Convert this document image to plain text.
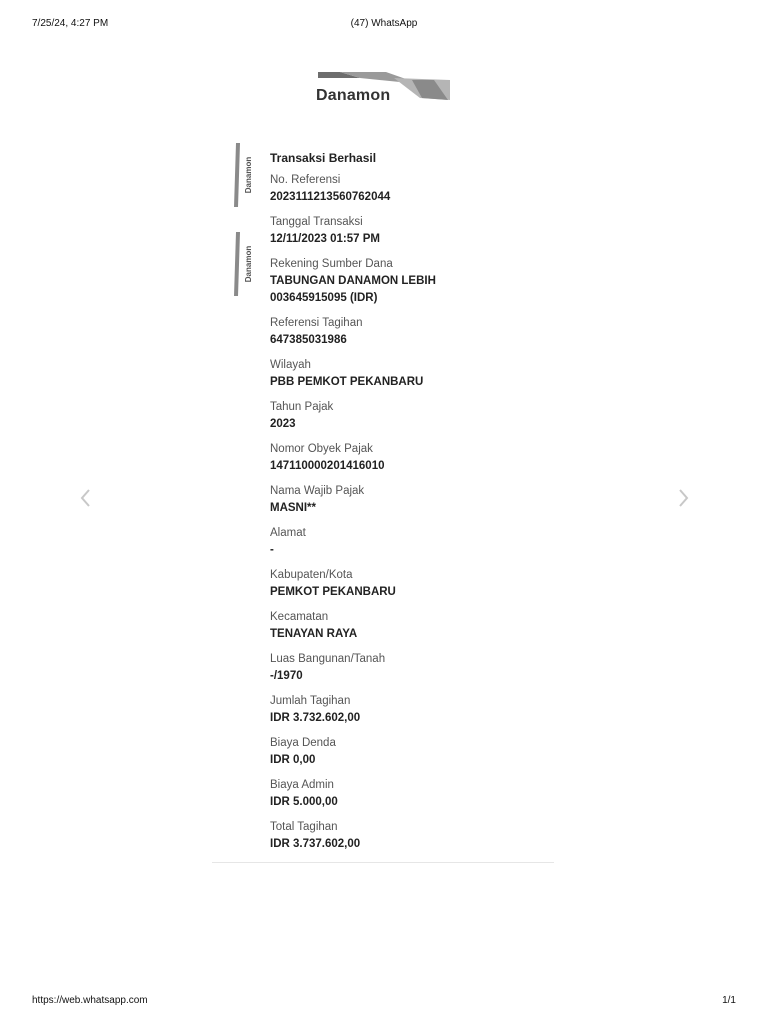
7/25/24, 4:27 PM	(47) WhatsApp
Danamon
Danamon
Danamon
Transaksi Berhasil
No. Referensi
2023111213560762044
Tanggal Transaksi
12/11/2023 01:57 PM
Rekening Sumber Dana
TABUNGAN DANAMON LEBIH
003645915095 (IDR)
Referensi Tagihan
647385031986
Wilayah
PBB PEMKOT PEKANBARU
Tahun Pajak
2023
Nomor Obyek Pajak
147110000201416010
Nama Wajib Pajak
MASNI**
Alamat
-
Kabupaten/Kota
PEMKOT PEKANBARU
Kecamatan
TENAYAN RAYA
Luas Bangunan/Tanah
-/1970
Jumlah Tagihan
IDR 3.732.602,00
Biaya Denda
IDR 0,00
Biaya Admin
IDR 5.000,00
Total Tagihan
IDR 3.737.602,00
https://web.whatsapp.com	1/1
